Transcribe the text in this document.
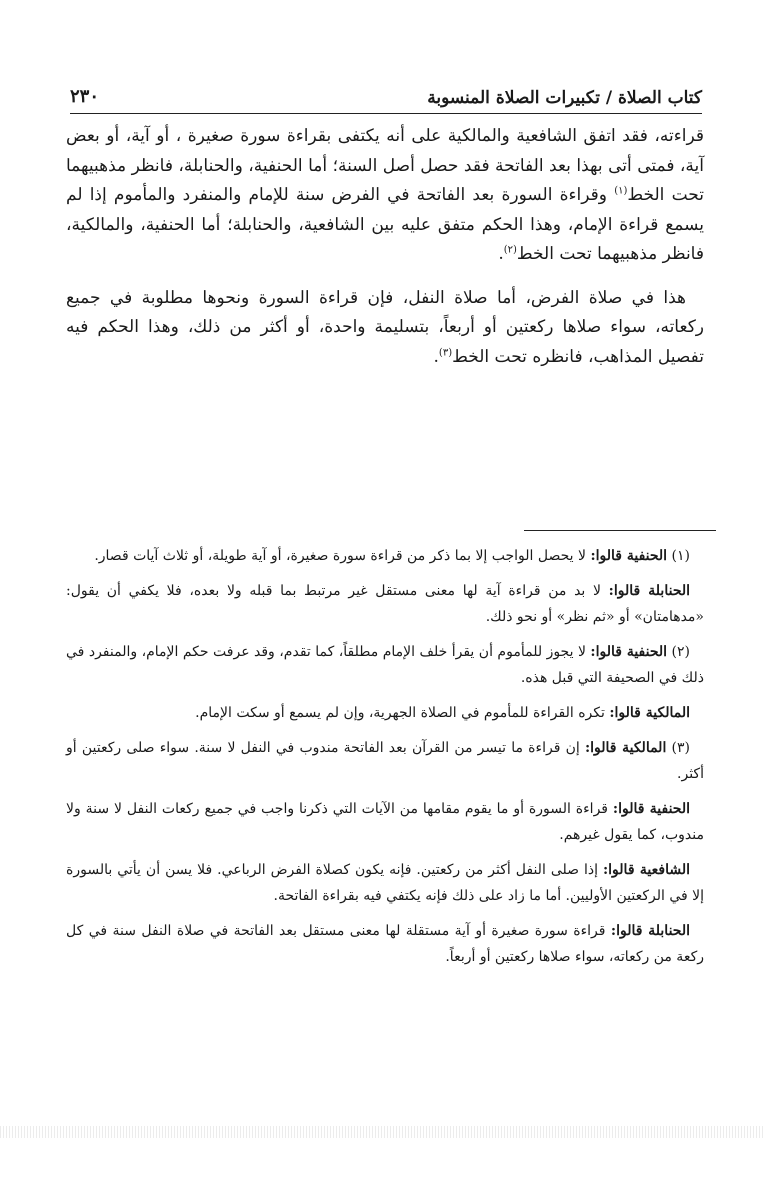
كتاب الصلاة / تكبيرات الصلاة المنسوبة
٢٣٠

قراءته، فقد اتفق الشافعية والمالكية على أنه يكتفى بقراءة سورة صغيرة ، أو آية، أو بعض آية، فمتى أتى بهذا بعد الفاتحة فقد حصل أصل السنة؛ أما الحنفية، والحنابلة، فانظر مذهبيهما تحت الخط$^{(١)}$ وقراءة السورة بعد الفاتحة في الفرض سنة للإمام والمنفرد والمأموم إذا لم يسمع قراءة الإمام، وهذا الحكم متفق عليه بين الشافعية، والحنابلة؛ أما الحنفية، والمالكية، فانظر مذهبيهما تحت الخط$^{(٢)}$.

هذا في صلاة الفرض، أما صلاة النفل، فإن قراءة السورة ونحوها مطلوبة في جميع ركعاته، سواء صلاها ركعتين أو أربعاً، بتسليمة واحدة، أو أكثر من ذلك، وهذا الحكم فيه تفصيل المذاهب، فانظره تحت الخط$^{(٣)}$.

(١) الحنفية قالوا: لا يحصل الواجب إلا بما ذكر من قراءة سورة صغيرة، أو آية طويلة، أو ثلاث آيات قصار.

الحنابلة قالوا: لا بد من قراءة آية لها معنى مستقل غير مرتبط بما قبله ولا بعده، فلا يكفي أن يقول: «مدهامتان» أو «ثم نظر» أو نحو ذلك.

(٢) الحنفية قالوا: لا يجوز للمأموم أن يقرأ خلف الإمام مطلقاً، كما تقدم، وقد عرفت حكم الإمام، والمنفرد في ذلك في الصحيفة التي قبل هذه.

المالكية قالوا: تكره القراءة للمأموم في الصلاة الجهرية، وإن لم يسمع أو سكت الإمام.

(٣) المالكية قالوا: إن قراءة ما تيسر من القرآن بعد الفاتحة مندوب في النفل لا سنة. سواء صلى ركعتين أو أكثر.

الحنفية قالوا: قراءة السورة أو ما يقوم مقامها من الآيات التي ذكرنا واجب في جميع ركعات النفل لا سنة ولا مندوب، كما يقول غيرهم.

الشافعية قالوا: إذا صلى النفل أكثر من ركعتين. فإنه يكون كصلاة الفرض الرباعي. فلا يسن أن يأتي بالسورة إلا في الركعتين الأوليين. أما ما زاد على ذلك فإنه يكتفي فيه بقراءة الفاتحة.

الحنابلة قالوا: قراءة سورة صغيرة أو آية مستقلة لها معنى مستقل بعد الفاتحة في صلاة النفل سنة في كل ركعة من ركعاته، سواء صلاها ركعتين أو أربعاً.
